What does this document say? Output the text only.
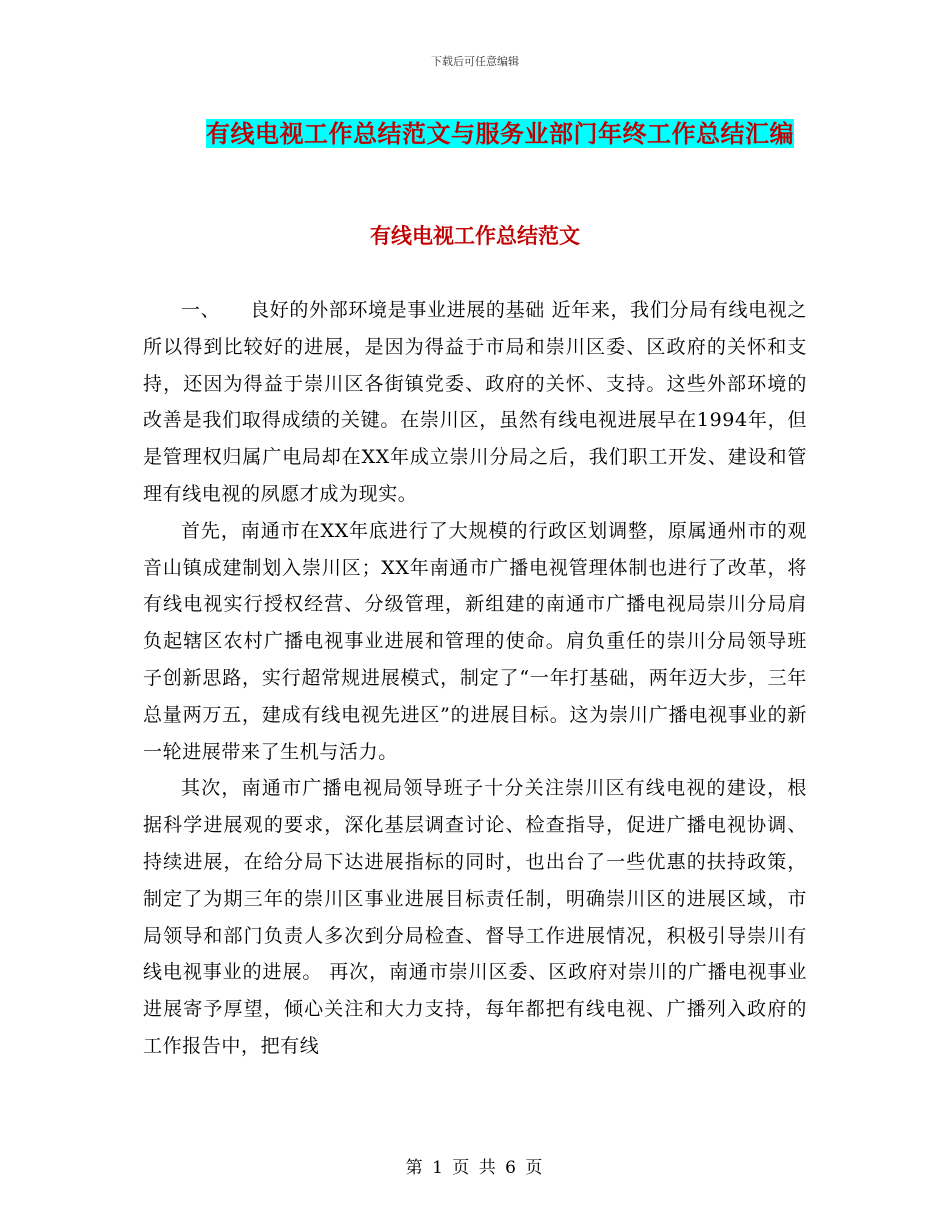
下载后可任意编辑
有线电视工作总结范文与服务业部门年终工作总结汇编
有线电视工作总结范文

一、　　良好的外部环境是事业进展的基础 近年来，我们分局有线电视之所以得到比较好的进展，是因为得益于市局和崇川区委、区政府的关怀和支持，还因为得益于崇川区各街镇党委、政府的关怀、支持。这些外部环境的改善是我们取得成绩的关键。在崇川区，虽然有线电视进展早在1994年，但是管理权归属广电局却在XX年成立崇川分局之后，我们职工开发、建设和管理有线电视的夙愿才成为现实。

首先，南通市在XX年底进行了大规模的行政区划调整，原属通州市的观音山镇成建制划入崇川区；XX年南通市广播电视管理体制也进行了改革，将有线电视实行授权经营、分级管理，新组建的南通市广播电视局崇川分局肩负起辖区农村广播电视事业进展和管理的使命。肩负重任的崇川分局领导班子创新思路，实行超常规进展模式，制定了“一年打基础，两年迈大步，三年总量两万五，建成有线电视先进区”的进展目标。这为崇川广播电视事业的新一轮进展带来了生机与活力。

其次，南通市广播电视局领导班子十分关注崇川区有线电视的建设，根据科学进展观的要求，深化基层调查讨论、检查指导，促进广播电视协调、持续进展，在给分局下达进展指标的同时，也出台了一些优惠的扶持政策，制定了为期三年的崇川区事业进展目标责任制，明确崇川区的进展区域，市局领导和部门负责人多次到分局检查、督导工作进展情况，积极引导崇川有线电视事业的进展。 再次，南通市崇川区委、区政府对崇川的广播电视事业进展寄予厚望，倾心关注和大力支持，每年都把有线电视、广播列入政府的工作报告中，把有线

第 1 页 共 6 页
